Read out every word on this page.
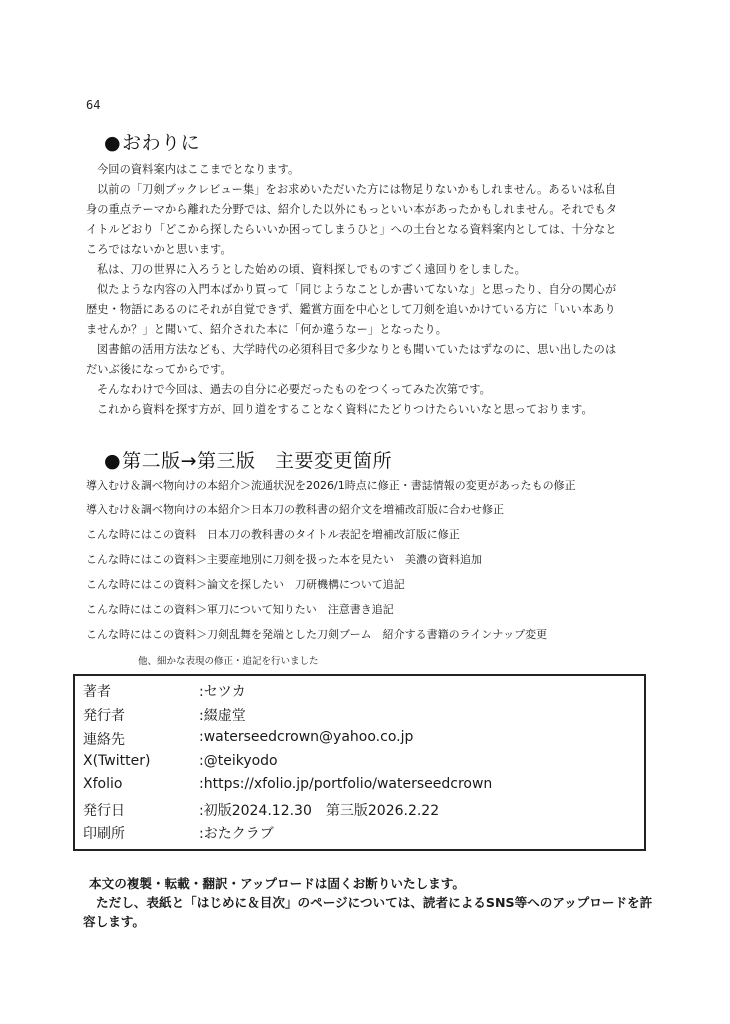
64
●おわりに

今回の資料案内はここまでとなります。

以前の「刀剣ブックレビュー集」をお求めいただいた方には物足りないかもしれません。あるいは私自身の重点テーマから離れた分野では、紹介した以外にもっといい本があったかもしれません。それでもタイトルどおり「どこから探したらいいか困ってしまうひと」への土台となる資料案内としては、十分なところではないかと思います。

私は、刀の世界に入ろうとした始めの頃、資料探しでものすごく遠回りをしました。

似たような内容の入門本ばかり買って「同じようなことしか書いてないな」と思ったり、自分の関心が歴史・物語にあるのにそれが自覚できず、鑑賞方面を中心として刀剣を追いかけている方に「いい本ありませんか？」と聞いて、紹介された本に「何か違うなー」となったり。

図書館の活用方法なども、大学時代の必須科目で多少なりとも聞いていたはずなのに、思い出したのはだいぶ後になってからです。

そんなわけで今回は、過去の自分に必要だったものをつくってみた次第です。

これから資料を探す方が、回り道をすることなく資料にたどりつけたらいいなと思っております。

●第二版→第三版　主要変更箇所
導入むけ＆調べ物向けの本紹介＞流通状況を2026/1時点に修正・書誌情報の変更があったもの修正
導入むけ＆調べ物向けの本紹介＞日本刀の教科書の紹介文を増補改訂版に合わせ修正
こんな時にはこの資料　日本刀の教科書のタイトル表記を増補改訂版に修正
こんな時にはこの資料＞主要産地別に刀剣を扱った本を見たい　美濃の資料追加
こんな時にはこの資料＞論文を探したい　刀研機構について追記
こんな時にはこの資料＞軍刀について知りたい　注意書き追記
こんな時にはこの資料＞刀剣乱舞を発端とした刀剣ブーム　紹介する書籍のラインナップ変更
他、細かな表現の修正・追記を行いました
著者	:セツカ
発行者	:綴虚堂
連絡先	:waterseedcrown@yahoo.co.jp
X(Twitter)	:@teikyodo
Xfolio	:https://xfolio.jp/portfolio/waterseedcrown
発行日	:初版2024.12.30　第三版2026.2.22
印刷所	:おたクラブ

本文の複製・転載・翻訳・アップロードは固くお断りいたします。

ただし、表紙と「はじめに＆目次」のページについては、読者によるSNS等へのアップロードを許容します。
